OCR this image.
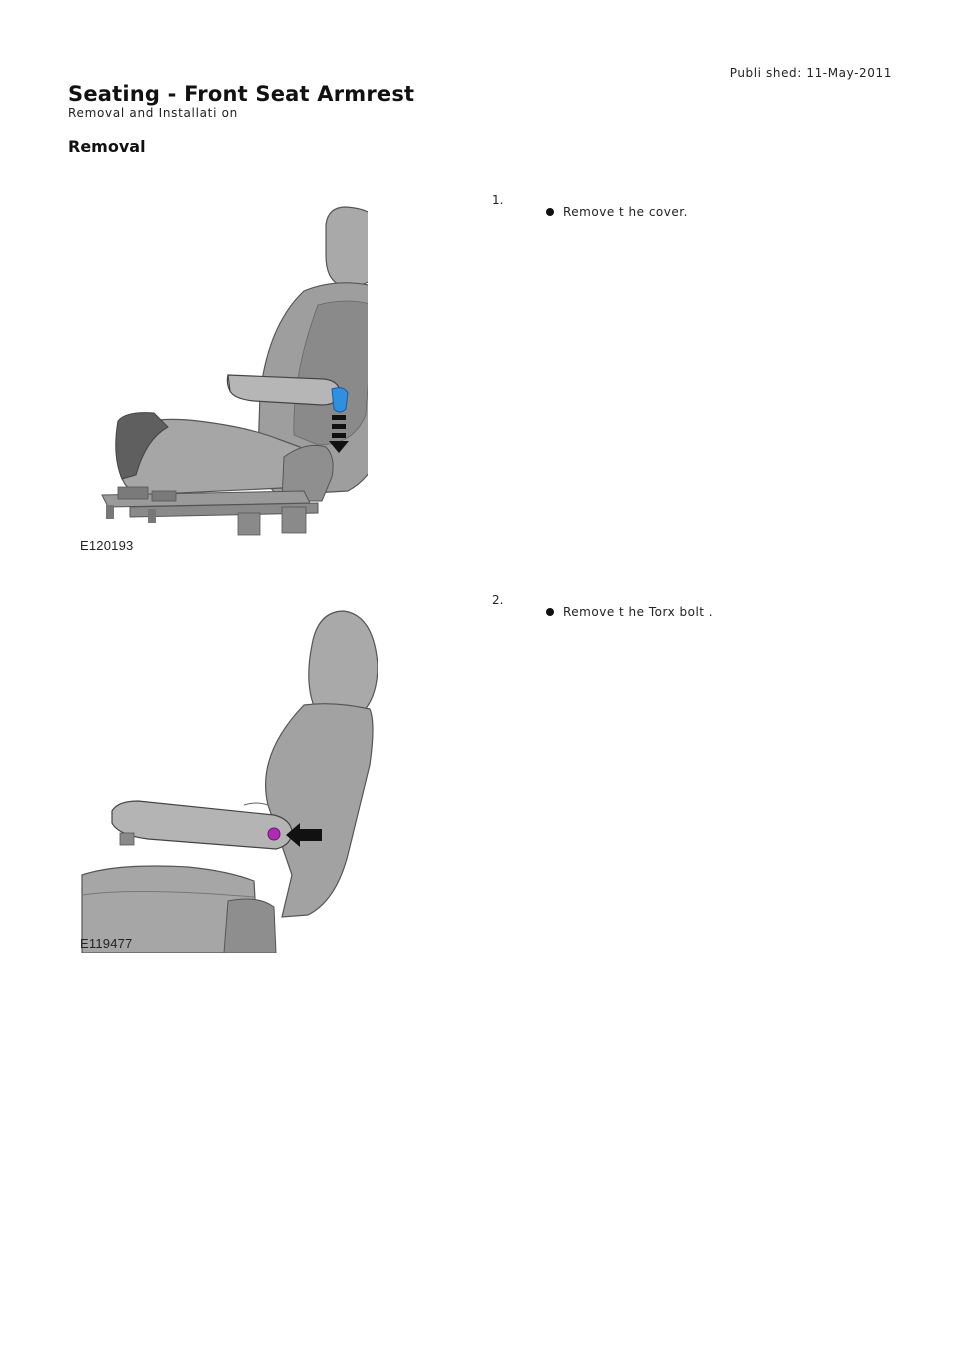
Publi shed: 11-May-2011
Seating - Front Seat Armrest
Removal and Installati on
Removal
E120193
1.
Remove t he cover.
E119477
2.
Remove t he Torx bolt .
